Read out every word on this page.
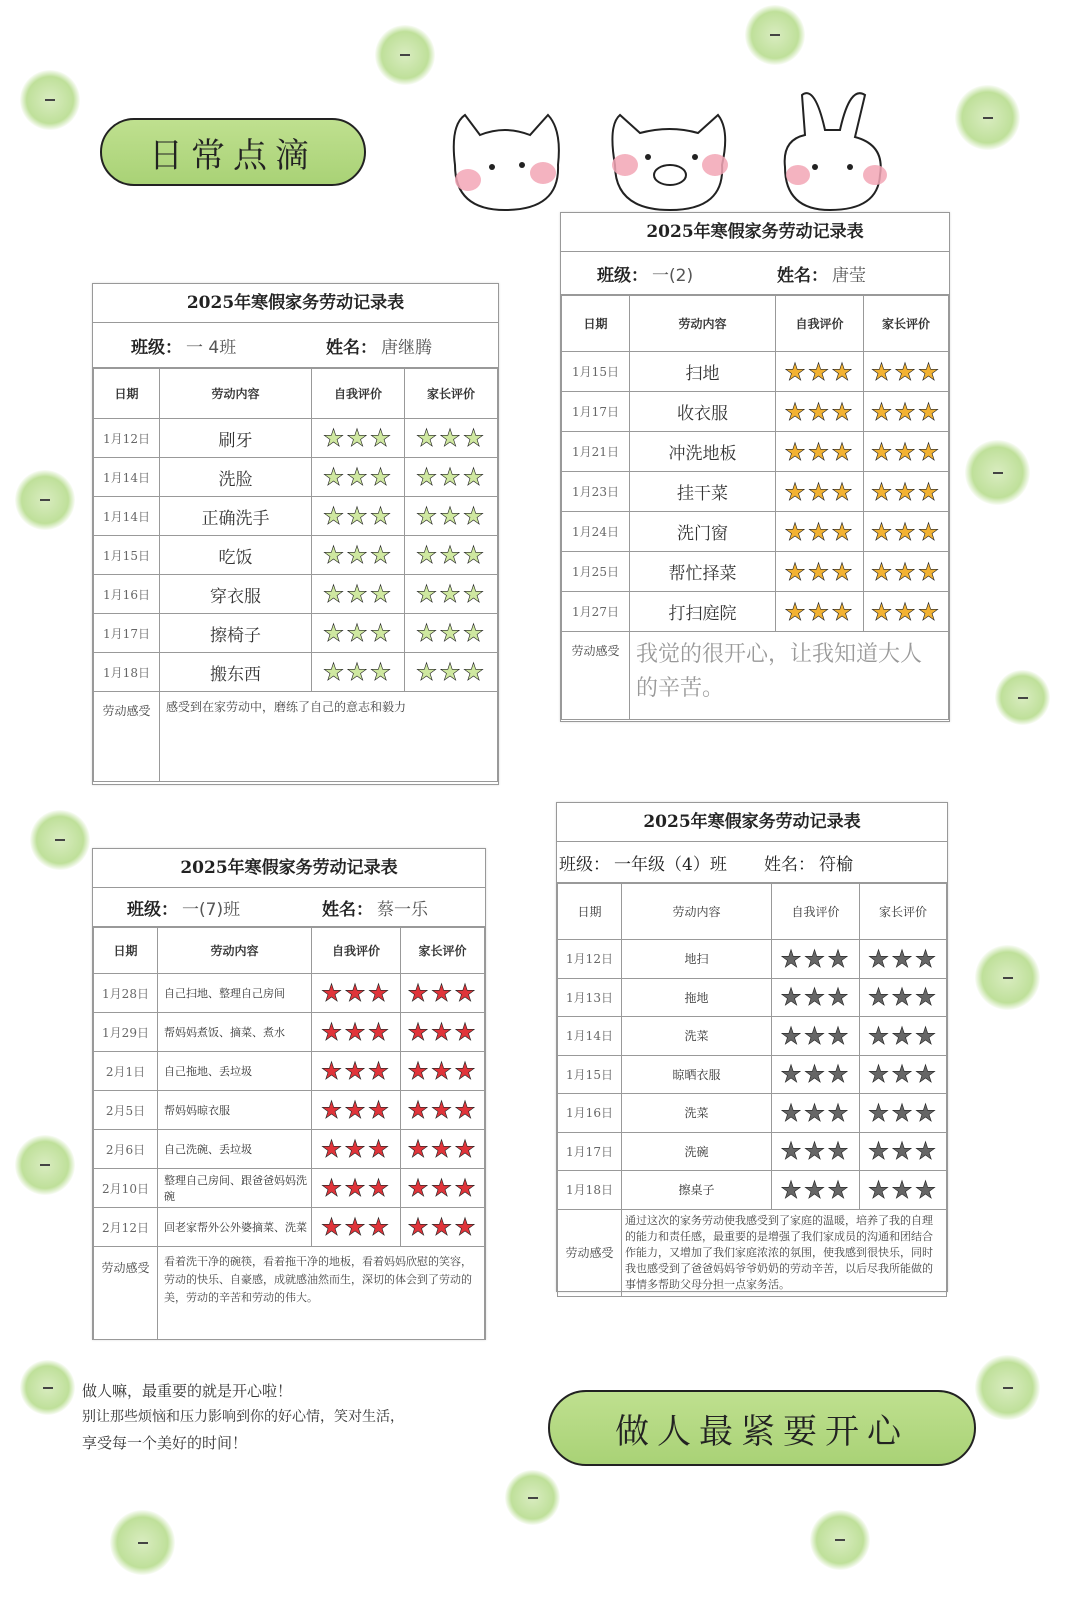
日常点滴
2025年寒假家务劳动记录表
班级： 一 4班	姓名： 唐继腾
日期	劳动内容	自我评价	家长评价
1月12日	刷牙	★★★	★★★
1月14日	洗脸	★★★	★★★
1月14日	正确洗手	★★★	★★★
1月15日	吃饭	★★★	★★★
1月16日	穿衣服	★★★	★★★
1月17日	擦椅子	★★★	★★★
1月18日	搬东西	★★★	★★★
劳动感受	感受到在家劳动中，磨练了自己的意志和毅力		
2025年寒假家务劳动记录表
班级： 一(2)	姓名： 唐莹
日期	劳动内容	自我评价	家长评价
1月15日	扫地	★★★	★★★
1月17日	收衣服	★★★	★★★
1月21日	冲洗地板	★★★	★★★
1月23日	挂干菜	★★★	★★★
1月24日	洗门窗	★★★	★★★
1月25日	帮忙择菜	★★★	★★★
1月27日	打扫庭院	★★★	★★★
劳动感受	我觉的很开心，让我知道大人的辛苦。		
2025年寒假家务劳动记录表
班级： 一(7)班	姓名： 蔡一乐
日期	劳动内容	自我评价	家长评价
1月28日	自己扫地、整理自己房间	★★★	★★★
1月29日	帮妈妈煮饭、摘菜、煮水	★★★	★★★
2月1日	自己拖地、丢垃圾	★★★	★★★
2月5日	帮妈妈晾衣服	★★★	★★★
2月6日	自己洗碗、丢垃圾	★★★	★★★
2月10日	整理自己房间、跟爸爸妈妈洗碗	★★★	★★★
2月12日	回老家帮外公外婆摘菜、洗菜	★★★	★★★
劳动感受	看着洗干净的碗筷，看着拖干净的地板，看着妈妈欣慰的笑容，劳动的快乐、自豪感，成就感油然而生，深切的体会到了劳动的美，劳动的辛苦和劳动的伟大。		
2025年寒假家务劳动记录表
班级： 一年级（4）班	姓名： 符榆
日期	劳动内容	自我评价	家长评价
1月12日	地扫	★★★	★★★
1月13日	拖地	★★★	★★★
1月14日	洗菜	★★★	★★★
1月15日	晾晒衣服	★★★	★★★
1月16日	洗菜	★★★	★★★
1月17日	洗碗	★★★	★★★
1月18日	擦桌子	★★★	★★★
劳动感受	通过这次的家务劳动使我感受到了家庭的温暖，培养了我的自理的能力和责任感，最重要的是增强了我们家成员的沟通和团结合作能力，又增加了我们家庭浓浓的氛围，使我感到很快乐，同时我也感受到了爸爸妈妈爷爷奶奶的劳动辛苦，以后尽我所能做的事情多帮助父母分担一点家务活。		
做人嘛，最重要的就是开心啦！
别让那些烦恼和压力影响到你的好心情，笑对生活，
享受每一个美好的时间！	做人最紧要开心
